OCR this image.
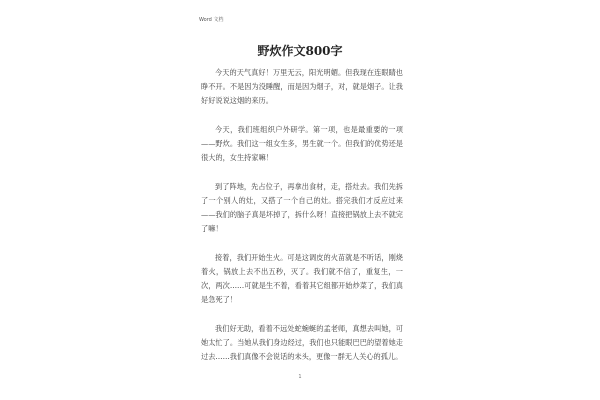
Word 文档
野炊作文800字

今天的天气真好！万里无云，阳光明媚。但我现在连眼睛也睁不开。不是因为没睡醒，而是因为烟子，对，就是烟子。让我好好说说这烟的来历。

今天，我们班组织户外研学。第一项，也是最重要的一项——野炊。我们这一组女生多，男生就一个。但我们的优势还是很大的，女生持家嘛！

到了阵地，先占位子，再拿出食材，走，搭灶去。我们先拆了一个别人的灶，又搭了一个自己的灶。搭完我们才反应过来——我们的脑子真是坏掉了，拆什么呀！直接把锅放上去不就完了嘛！

接着，我们开始生火。可是这调皮的火苗就是不听话，刚烧着火，锅放上去不出五秒，灭了。我们就不信了，重复生，一次，两次……可就是生不着，看着其它组都开始炒菜了，我们真是急死了！

我们好无助，看着不远处蛇蜿蜒的孟老师，真想去叫她，可她太忙了。当她从我们身边经过，我们也只能眼巴巴的望着她走过去……我们真像不会说话的未头，更像一群无人关心的孤儿。

1
